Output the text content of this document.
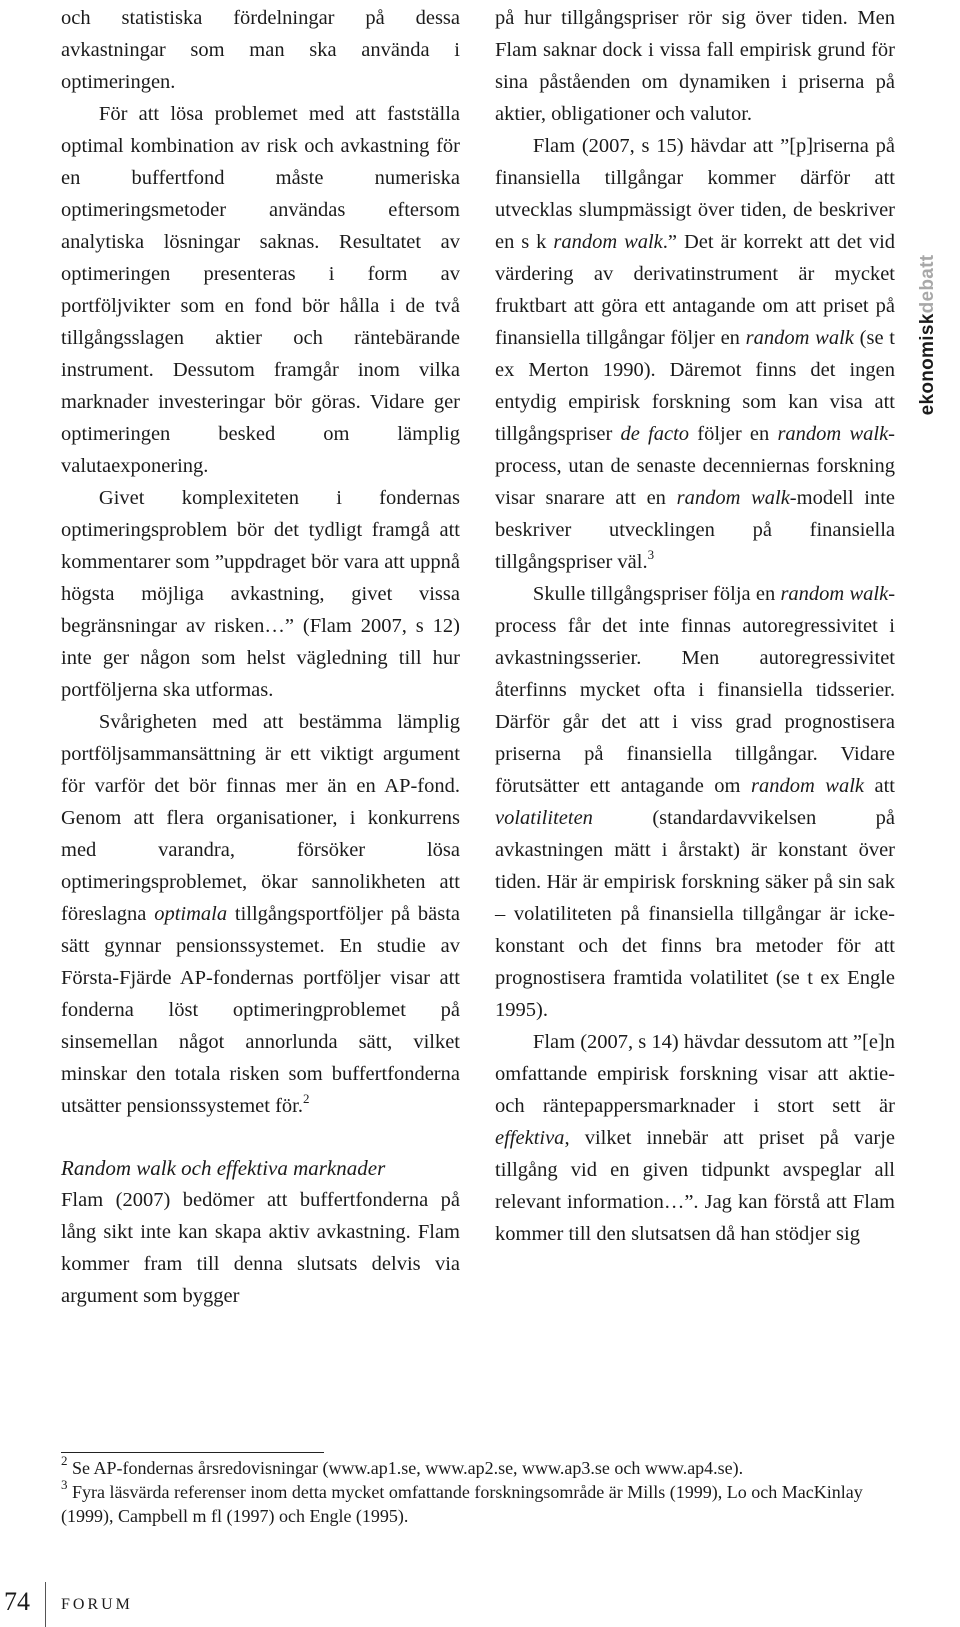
och statistiska fördelningar på dessa avkastningar som man ska använda i optimeringen.

För att lösa problemet med att fastställa optimal kombination av risk och avkastning för en buffertfond måste numeriska optimeringsmetoder användas eftersom analytiska lösningar saknas. Resultatet av optimeringen presenteras i form av portföljvikter som en fond bör hålla i de två tillgångsslagen aktier och räntebärande instrument. Dessutom framgår inom vilka marknader investeringar bör göras. Vidare ger optimeringen besked om lämplig valutaexponering.

Givet komplexiteten i fondernas optimeringsproblem bör det tydligt framgå att kommentarer som ”uppdraget bör vara att uppnå högsta möjliga avkastning, givet vissa begränsningar av risken…” (Flam 2007, s 12) inte ger någon som helst vägledning till hur portföljerna ska utformas.

Svårigheten med att bestämma lämplig portföljsammansättning är ett viktigt argument för varför det bör finnas mer än en AP-fond. Genom att flera organisationer, i konkurrens med varandra, försöker lösa optimeringsproblemet, ökar sannolikheten att föreslagna optimala tillgångsportföljer på bästa sätt gynnar pensionssystemet. En studie av Första-Fjärde AP-fondernas portföljer visar att fonderna löst optimeringproblemet på sinsemellan något annorlunda sätt, vilket minskar den totala risken som buffertfonderna utsätter pensionssystemet för.$^2$

Random walk och effektiva marknader

Flam (2007) bedömer att buffertfonderna på lång sikt inte kan skapa aktiv avkastning. Flam kommer fram till denna slutsats delvis via argument som bygger

på hur tillgångspriser rör sig över tiden. Men Flam saknar dock i vissa fall empirisk grund för sina påståenden om dynamiken i priserna på aktier, obligationer och valutor.

Flam (2007, s 15) hävdar att ”[p]riserna på finansiella tillgångar kommer därför att utvecklas slumpmässigt över tiden, de beskriver en s k random walk.” Det är korrekt att det vid värdering av derivatinstrument är mycket fruktbart att göra ett antagande om att priset på finansiella tillgångar följer en random walk (se t ex Merton 1990). Däremot finns det ingen entydig empirisk forskning som kan visa att tillgångspriser de facto följer en random walk-process, utan de senaste decenniernas forskning visar snarare att en random walk-modell inte beskriver utvecklingen på finansiella tillgångspriser väl.$^3$

Skulle tillgångspriser följa en random walk-process får det inte finnas autoregressivitet i avkastningsserier. Men autoregressivitet återfinns mycket ofta i finansiella tidsserier. Därför går det att i viss grad prognostisera priserna på finansiella tillgångar. Vidare förutsätter ett antagande om random walk att volatiliteten (standardavvikelsen på avkastningen mätt i årstakt) är konstant över tiden. Här är empirisk forskning säker på sin sak – volatiliteten på finansiella tillgångar är icke-konstant och det finns bra metoder för att prognostisera framtida volatilitet (se t ex Engle 1995).

Flam (2007, s 14) hävdar dessutom att ”[e]n omfattande empirisk forskning visar att aktie- och räntepappersmarknader i stort sett är effektiva, vilket innebär att priset på varje tillgång vid en given tidpunkt avspeglar all relevant information…”. Jag kan förstå att Flam kommer till den slutsatsen då han stödjer sig

ekonomiskdebatt

$^2$ Se AP-fondernas årsredovisningar (www.ap1.se, www.ap2.se, www.ap3.se och www.ap4.se).

$^3$ Fyra läsvärda referenser inom detta mycket omfattande forskningsområde är Mills (1999), Lo och MacKinlay (1999), Campbell m fl (1997) och Engle (1995).

74 FORUM
